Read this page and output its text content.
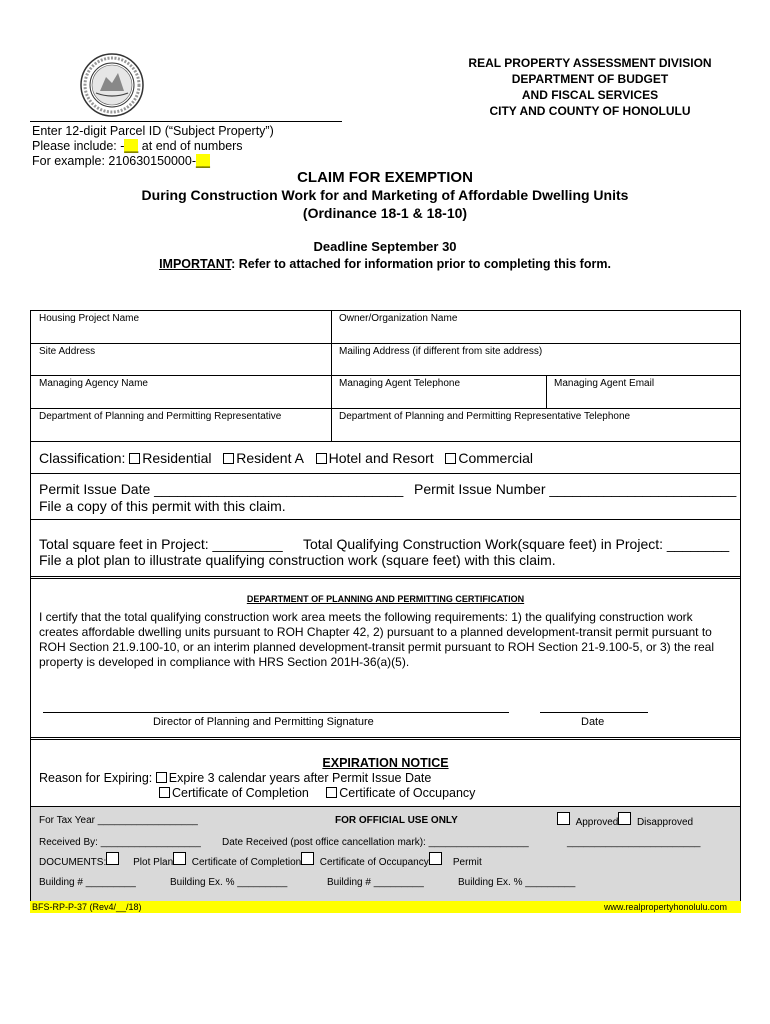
REAL PROPERTY ASSESSMENT DIVISION
DEPARTMENT OF BUDGET
AND FISCAL SERVICES
CITY AND COUNTY OF HONOLULU
Enter 12-digit Parcel ID (“Subject Property”)
Please include: -__ at end of numbers
For example: 210630150000-__
CLAIM FOR EXEMPTION
During Construction Work for and Marketing of Affordable Dwelling Units
(Ordinance 18-1 & 18-10)
Deadline September 30
IMPORTANT: Refer to attached for information prior to completing this form.
Housing Project Name	Owner/Organization Name
Site Address	Mailing Address (if different from site address)
Managing Agency Name	Managing Agent Telephone	Managing Agent Email
Department of Planning and Permitting Representative	Department of Planning and Permitting Representative Telephone
Classification: Residential Resident A Hotel and Resort Commercial
Permit Issue Date ________________________________ Permit Issue Number ________________________
File a copy of this permit with this claim.
Total square feet in Project: _________ Total Qualifying Construction Work(square feet) in Project: ________
File a plot plan to illustrate qualifying construction work (square feet) with this claim.
DEPARTMENT OF PLANNING AND PERMITTING CERTIFICATION
I certify that the total qualifying construction work area meets the following requirements: 1) the qualifying construction work creates affordable dwelling units pursuant to ROH Chapter 42, 2) pursuant to a planned development-transit permit pursuant to ROH Section 21.9.100-10, or an interim planned development-transit permit pursuant to ROH Section 21-9.100-5, or 3) the real property is developed in compliance with HRS Section 201H-36(a)(5).
Director of Planning and Permitting Signature	Date
EXPIRATION NOTICE
Reason for Expiring: Expire 3 calendar years after Permit Issue Date
Certificate of Completion Certificate of Occupancy
For Tax Year __________________	FOR OFFICIAL USE ONLY	Approved Disapproved
Received By: __________________ Date Received (post office cancellation mark): __________________	________________________
DOCUMENTS:	Plot Plan Certificate of Completion Certificate of Occupancy Permit
Building # _________	Building Ex. % _________	Building # _________	Building Ex. % _________
BFS-RP-P-37 (Rev4/__/18)	www.realpropertyhonolulu.com
